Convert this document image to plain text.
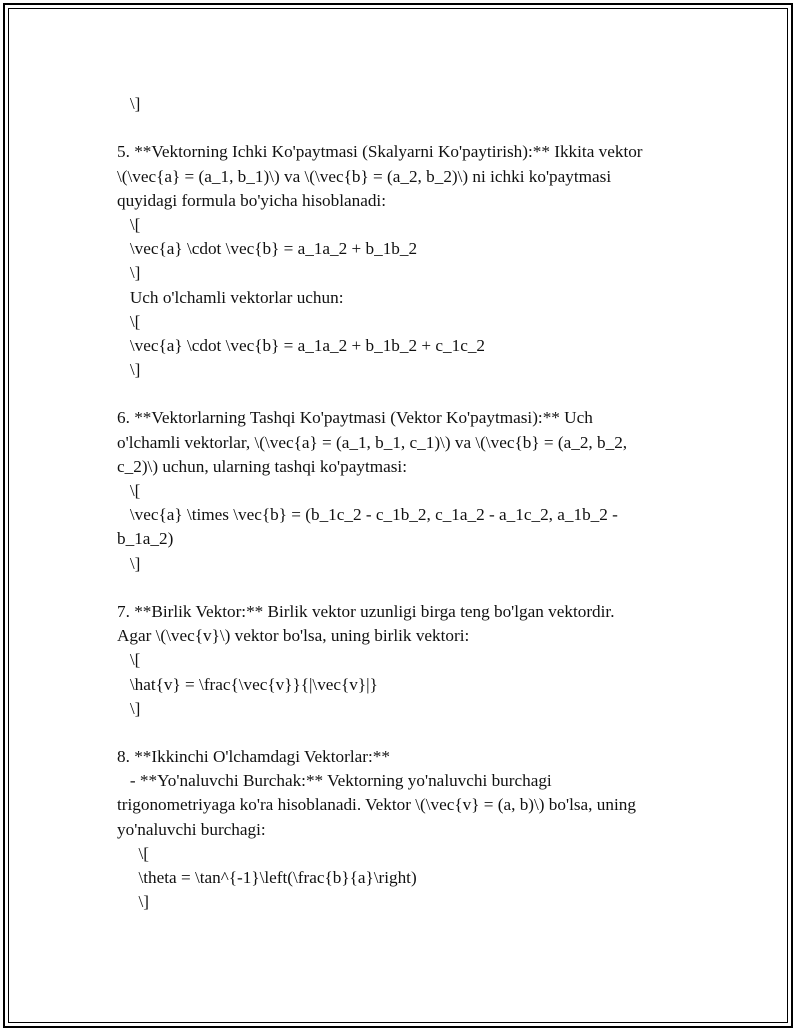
\]
5. **Vektorning Ichki Ko'paytmasi (Skalyarni Ko'paytirish):** Ikkita vektor
\(\vec{a} = (a_1, b_1)\) va \(\vec{b} = (a_2, b_2)\) ni ichki ko'paytmasi
quyidagi formula bo'yicha hisoblanadi:
\[
\vec{a} \cdot \vec{b} = a_1a_2 + b_1b_2
\]
Uch o'lchamli vektorlar uchun:
\[
\vec{a} \cdot \vec{b} = a_1a_2 + b_1b_2 + c_1c_2
\]
6. **Vektorlarning Tashqi Ko'paytmasi (Vektor Ko'paytmasi):** Uch
o'lchamli vektorlar, \(\vec{a} = (a_1, b_1, c_1)\) va \(\vec{b} = (a_2, b_2,
c_2)\) uchun, ularning tashqi ko'paytmasi:
\[
\vec{a} \times \vec{b} = (b_1c_2 - c_1b_2, c_1a_2 - a_1c_2, a_1b_2 -
b_1a_2)
\]
7. **Birlik Vektor:** Birlik vektor uzunligi birga teng bo'lgan vektordir.
Agar \(\vec{v}\) vektor bo'lsa, uning birlik vektori:
\[
\hat{v} = \frac{\vec{v}}{|\vec{v}|}
\]
8. **Ikkinchi O'lchamdagi Vektorlar:**
- **Yo'naluvchi Burchak:** Vektorning yo'naluvchi burchagi
trigonometriyaga ko'ra hisoblanadi. Vektor \(\vec{v} = (a, b)\) bo'lsa, uning
yo'naluvchi burchagi:
\[
\theta = \tan^{-1}\left(\frac{b}{a}\right)
\]
